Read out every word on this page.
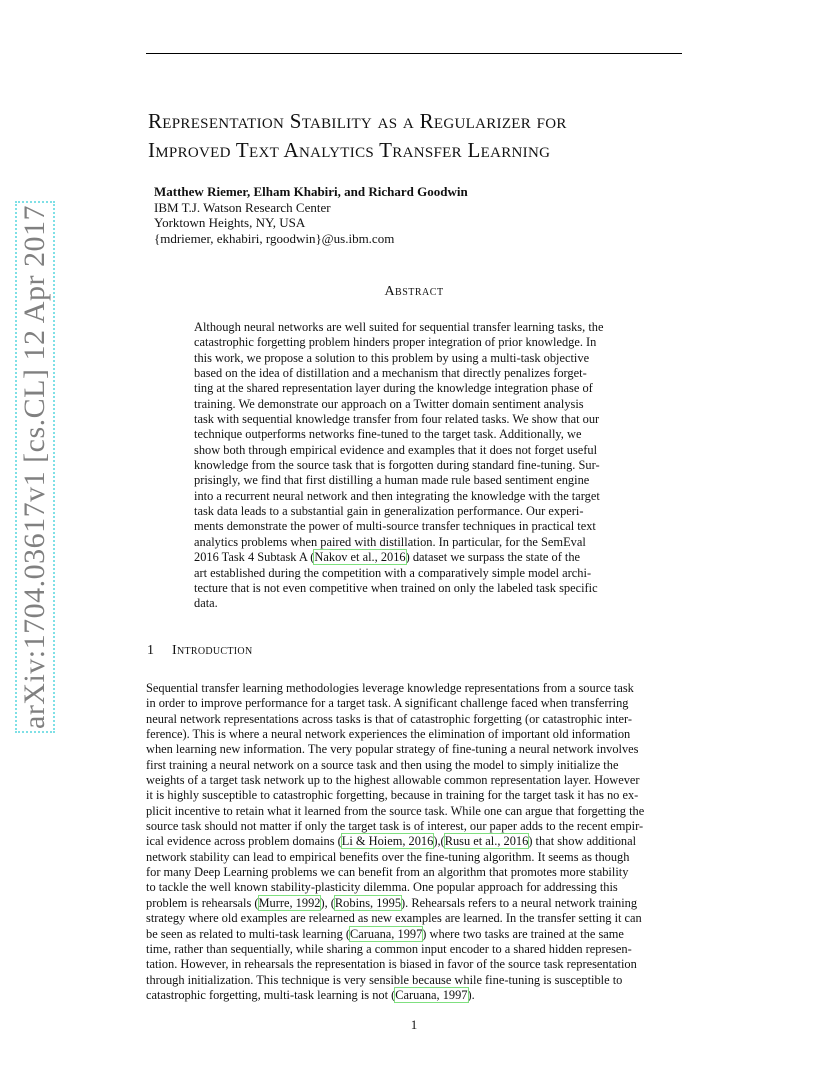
Representation Stability as a Regularizer for
Improved Text Analytics Transfer Learning
Matthew Riemer, Elham Khabiri, and Richard Goodwin
IBM T.J. Watson Research Center
Yorktown Heights, NY, USA
{mdriemer, ekhabiri, rgoodwin}@us.ibm.com
Abstract
Although neural networks are well suited for sequential transfer learning tasks, the
catastrophic forgetting problem hinders proper integration of prior knowledge. In
this work, we propose a solution to this problem by using a multi-task objective
based on the idea of distillation and a mechanism that directly penalizes forget-
ting at the shared representation layer during the knowledge integration phase of
training. We demonstrate our approach on a Twitter domain sentiment analysis
task with sequential knowledge transfer from four related tasks. We show that our
technique outperforms networks fine-tuned to the target task. Additionally, we
show both through empirical evidence and examples that it does not forget useful
knowledge from the source task that is forgotten during standard fine-tuning. Sur-
prisingly, we find that first distilling a human made rule based sentiment engine
into a recurrent neural network and then integrating the knowledge with the target
task data leads to a substantial gain in generalization performance. Our experi-
ments demonstrate the power of multi-source transfer techniques in practical text
analytics problems when paired with distillation. In particular, for the SemEval
2016 Task 4 Subtask A (Nakov et al., 2016) dataset we surpass the state of the
art established during the competition with a comparatively simple model archi-
tecture that is not even competitive when trained on only the labeled task specific
data.
1 Introduction
Sequential transfer learning methodologies leverage knowledge representations from a source task
in order to improve performance for a target task. A significant challenge faced when transferring
neural network representations across tasks is that of catastrophic forgetting (or catastrophic inter-
ference). This is where a neural network experiences the elimination of important old information
when learning new information. The very popular strategy of fine-tuning a neural network involves
first training a neural network on a source task and then using the model to simply initialize the
weights of a target task network up to the highest allowable common representation layer. However
it is highly susceptible to catastrophic forgetting, because in training for the target task it has no ex-
plicit incentive to retain what it learned from the source task. While one can argue that forgetting the
source task should not matter if only the target task is of interest, our paper adds to the recent empir-
ical evidence across problem domains (Li & Hoiem, 2016),(Rusu et al., 2016) that show additional
network stability can lead to empirical benefits over the fine-tuning algorithm. It seems as though
for many Deep Learning problems we can benefit from an algorithm that promotes more stability
to tackle the well known stability-plasticity dilemma. One popular approach for addressing this
problem is rehearsals (Murre, 1992), (Robins, 1995). Rehearsals refers to a neural network training
strategy where old examples are relearned as new examples are learned. In the transfer setting it can
be seen as related to multi-task learning (Caruana, 1997) where two tasks are trained at the same
time, rather than sequentially, while sharing a common input encoder to a shared hidden represen-
tation. However, in rehearsals the representation is biased in favor of the source task representation
through initialization. This technique is very sensible because while fine-tuning is susceptible to
catastrophic forgetting, multi-task learning is not (Caruana, 1997).
arXiv:1704.03617v1 [cs.CL] 12 Apr 2017
1
